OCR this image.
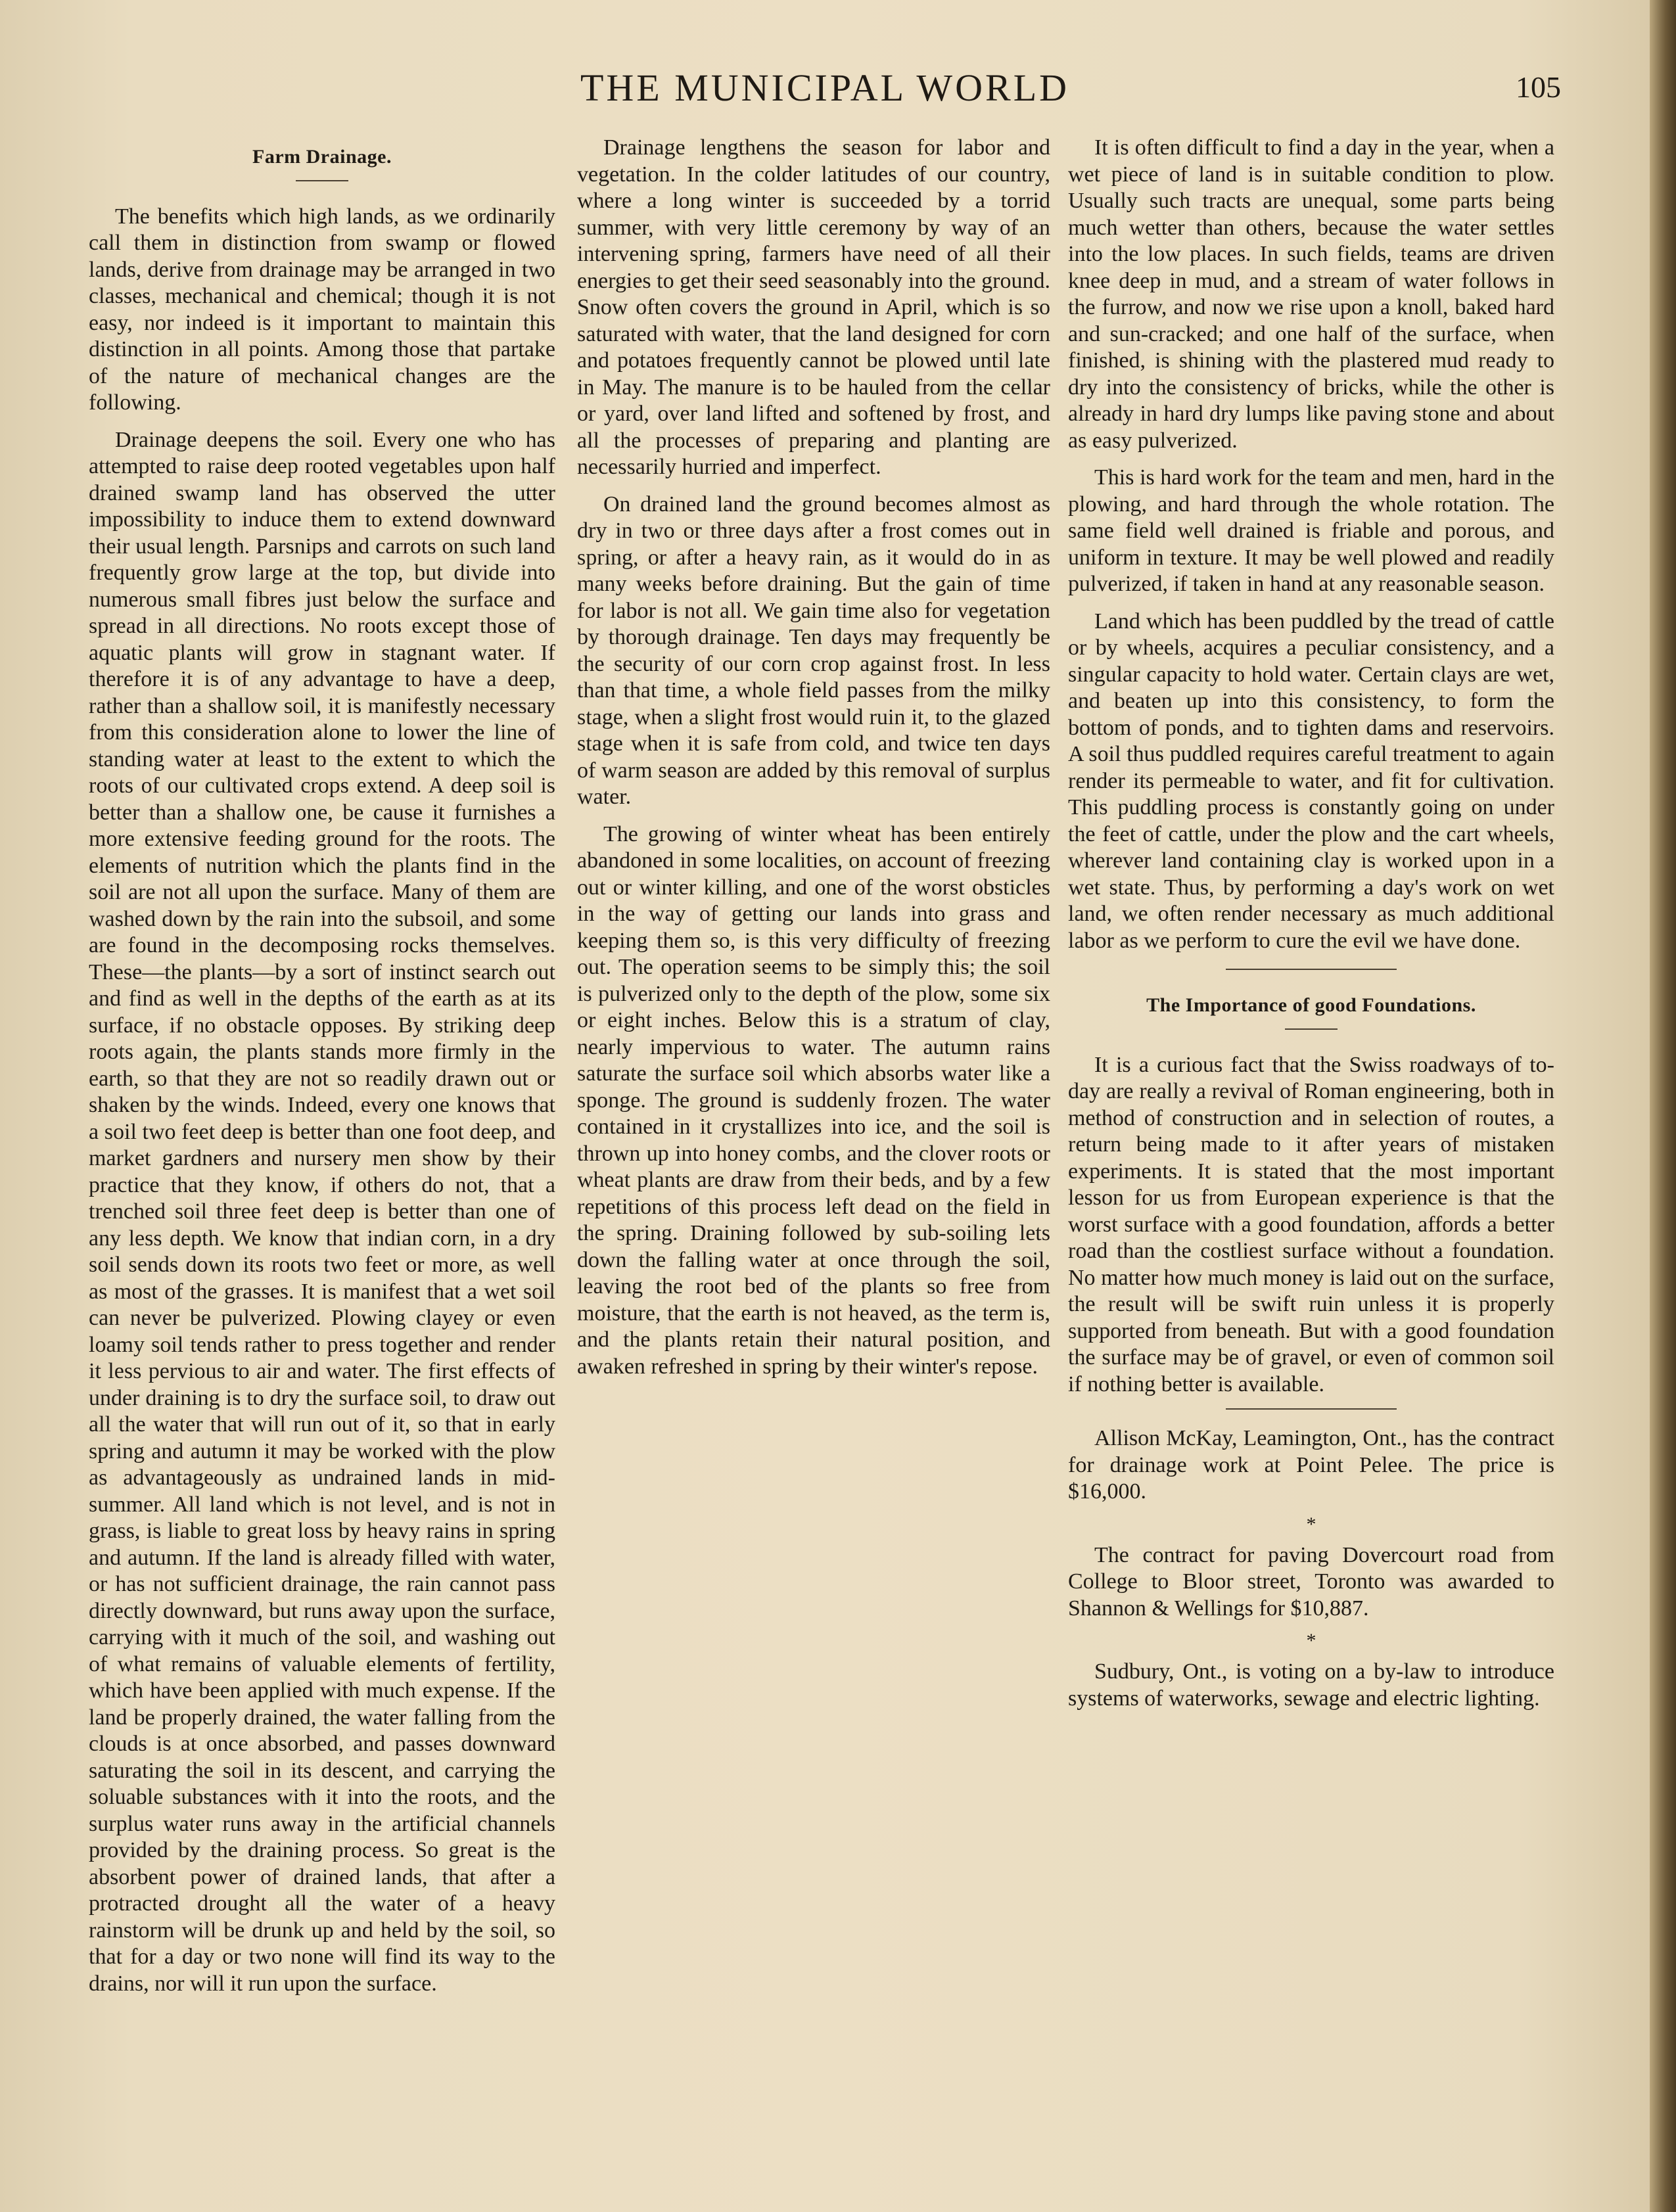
THE MUNICIPAL WORLD	105
Farm Drainage.

The benefits which high lands, as we ordinarily call them in distinction from swamp or flowed lands, derive from drainage may be arranged in two classes, mechanical and chemical; though it is not easy, nor indeed is it important to maintain this distinction in all points. Among those that partake of the nature of mechanical changes are the following.

Drainage deepens the soil. Every one who has attempted to raise deep rooted vegetables upon half drained swamp land has observed the utter impossibility to induce them to extend downward their usual length. Parsnips and carrots on such land frequently grow large at the top, but divide into numerous small fibres just below the surface and spread in all directions. No roots except those of aquatic plants will grow in stagnant water. If therefore it is of any advantage to have a deep, rather than a shallow soil, it is manifestly necessary from this consideration alone to lower the line of standing water at least to the extent to which the roots of our cultivated crops extend. A deep soil is better than a shallow one, be cause it furnishes a more extensive feeding ground for the roots. The elements of nutrition which the plants find in the soil are not all upon the surface. Many of them are washed down by the rain into the subsoil, and some are found in the decomposing rocks themselves. These—the plants—by a sort of instinct search out and find as well in the depths of the earth as at its surface, if no obstacle opposes. By striking deep roots again, the plants stands more firmly in the earth, so that they are not so readily drawn out or shaken by the winds. Indeed, every one knows that a soil two feet deep is better than one foot deep, and market gardners and nursery men show by their practice that they know, if others do not, that a trenched soil three feet deep is better than one of any less depth. We know that indian corn, in a dry soil sends down its roots two feet or more, as well as most of the grasses. It is manifest that a wet soil can never be pulverized. Plowing clayey or even loamy soil tends rather to press together and render it less pervious to air and water. The first effects of under draining is to dry the surface soil, to draw out all the water that will run out of it, so that in early spring and autumn it may be worked with the plow as advantageously as undrained lands in mid-summer. All land which is not level, and is not in grass, is liable to great loss by heavy rains in spring and autumn. If the land is already filled with water, or has not sufficient drainage, the rain cannot pass directly downward, but runs away upon the surface, carrying with it much of the soil, and washing out of what remains of valuable elements of fertility, which have been applied with much expense. If the land be properly drained, the water falling from the clouds is at once absorbed, and passes downward saturating the soil in its descent, and carrying the soluable substances with it into the roots, and the surplus water runs away in the artificial channels provided by the draining process. So great is the absorbent power of drained lands, that after a protracted drought all the water of a heavy rainstorm will be drunk up and held by the soil, so that for a day or two none will find its way to the drains, nor will it run upon the surface.

Drainage lengthens the season for labor and vegetation. In the colder latitudes of our country, where a long winter is succeeded by a torrid summer, with very little ceremony by way of an intervening spring, farmers have need of all their energies to get their seed seasonably into the ground. Snow often covers the ground in April, which is so saturated with water, that the land designed for corn and potatoes frequently cannot be plowed until late in May. The manure is to be hauled from the cellar or yard, over land lifted and softened by frost, and all the processes of preparing and planting are necessarily hurried and imperfect.

On drained land the ground becomes almost as dry in two or three days after a frost comes out in spring, or after a heavy rain, as it would do in as many weeks before draining. But the gain of time for labor is not all. We gain time also for vegetation by thorough drainage. Ten days may frequently be the security of our corn crop against frost. In less than that time, a whole field passes from the milky stage, when a slight frost would ruin it, to the glazed stage when it is safe from cold, and twice ten days of warm season are added by this removal of surplus water.

The growing of winter wheat has been entirely abandoned in some localities, on account of freezing out or winter killing, and one of the worst obsticles in the way of getting our lands into grass and keeping them so, is this very difficulty of freezing out. The operation seems to be simply this; the soil is pulverized only to the depth of the plow, some six or eight inches. Below this is a stratum of clay, nearly impervious to water. The autumn rains saturate the surface soil which absorbs water like a sponge. The ground is suddenly frozen. The water contained in it crystallizes into ice, and the soil is thrown up into honey combs, and the clover roots or wheat plants are draw from their beds, and by a few repetitions of this process left dead on the field in the spring. Draining followed by sub-soiling lets down the falling water at once through the soil, leaving the root bed of the plants so free from moisture, that the earth is not heaved, as the term is, and the plants retain their natural position, and awaken refreshed in spring by their winter's repose.

It is often difficult to find a day in the year, when a wet piece of land is in suitable condition to plow. Usually such tracts are unequal, some parts being much wetter than others, because the water settles into the low places. In such fields, teams are driven knee deep in mud, and a stream of water follows in the furrow, and now we rise upon a knoll, baked hard and sun-cracked; and one half of the surface, when finished, is shining with the plastered mud ready to dry into the consistency of bricks, while the other is already in hard dry lumps like paving stone and about as easy pulverized.

This is hard work for the team and men, hard in the plowing, and hard through the whole rotation. The same field well drained is friable and porous, and uniform in texture. It may be well plowed and readily pulverized, if taken in hand at any reasonable season.

Land which has been puddled by the tread of cattle or by wheels, acquires a peculiar consistency, and a singular capacity to hold water. Certain clays are wet, and beaten up into this consistency, to form the bottom of ponds, and to tighten dams and reservoirs. A soil thus puddled requires careful treatment to again render its permeable to water, and fit for cultivation. This puddling process is constantly going on under the feet of cattle, under the plow and the cart wheels, wherever land containing clay is worked upon in a wet state. Thus, by performing a day's work on wet land, we often render necessary as much additional labor as we perform to cure the evil we have done.

The Importance of good Foundations.

It is a curious fact that the Swiss roadways of to-day are really a revival of Roman engineering, both in method of construction and in selection of routes, a return being made to it after years of mistaken experiments. It is stated that the most important lesson for us from European experience is that the worst surface with a good foundation, affords a better road than the costliest surface without a foundation. No matter how much money is laid out on the surface, the result will be swift ruin unless it is properly supported from beneath. But with a good foundation the surface may be of gravel, or even of common soil if nothing better is available.

Allison McKay, Leamington, Ont., has the contract for drainage work at Point Pelee. The price is $16,000.

*

The contract for paving Dovercourt road from College to Bloor street, Toronto was awarded to Shannon & Wellings for $10,887.

*

Sudbury, Ont., is voting on a by-law to introduce systems of waterworks, sewage and electric lighting.
